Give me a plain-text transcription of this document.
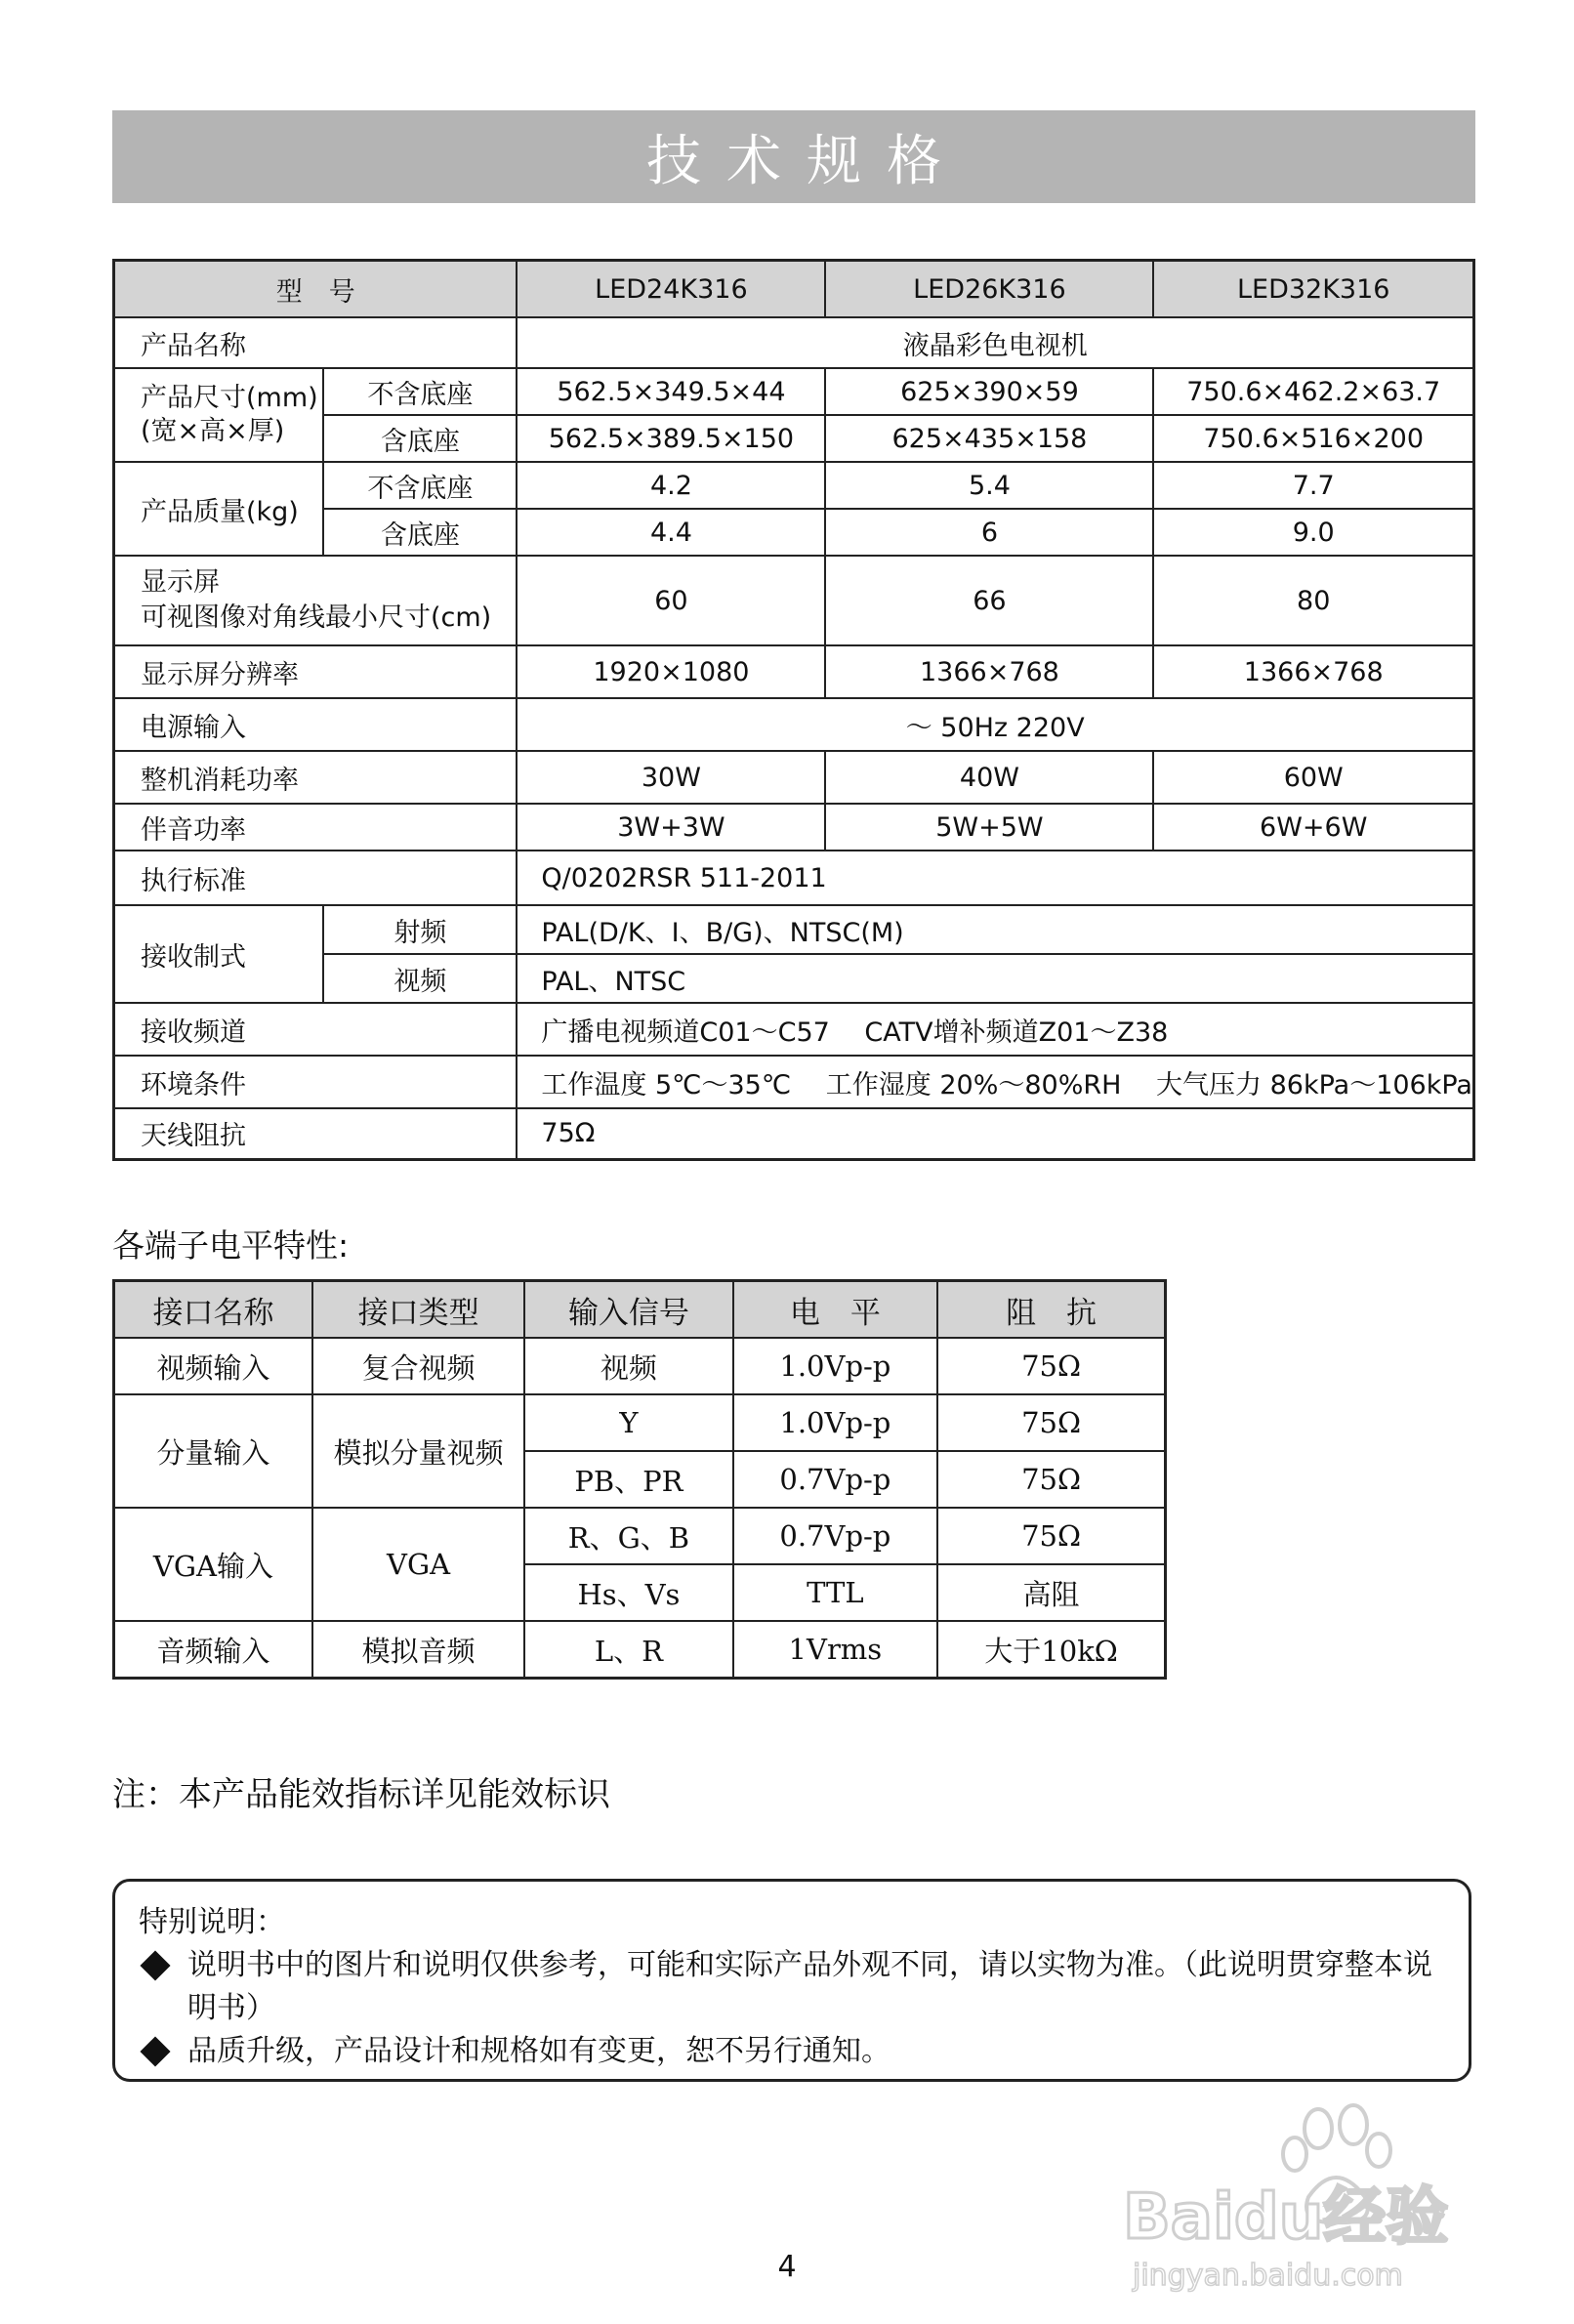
技术规格
型　号		LED24K316	LED26K316	LED32K316
产品名称		液晶彩色电视机		

产品尺寸(mm)
(宽×高×厚)	不含底座	562.5×349.5×44	625×390×59	750.6×462.2×63.7
	含底座	562.5×389.5×150	625×435×158	750.6×516×200
产品质量(kg)	不含底座	4.2	5.4	7.7
	含底座	4.4	6	9.0

显示屏
可视图像对角线最小尺寸(cm)		60	66	80
显示屏分辨率		1920×1080	1366×768	1366×768
电源输入		～ 50Hz 220V		
整机消耗功率		30W	40W	60W
伴音功率		3W+3W	5W+5W	6W+6W
执行标准		Q/0202RSR 511-2011		
接收制式	射频	PAL(D/K、I、B/G)、NTSC(M)		
	视频	PAL、NTSC		
接收频道		广播电视频道C01～C57　 CATV增补频道Z01～Z38		
环境条件		工作温度 5℃～35℃　 工作湿度 20%～80%RH　 大气压力 86kPa～106kPa		
天线阻抗		75Ω		
各端子电平特性:
接口名称	接口类型	输入信号	电　平	阻　抗
视频输入	复合视频	视频	1.0Vp-p	75Ω
分量输入	模拟分量视频	Y	1.0Vp-p	75Ω
		PB、PR	0.7Vp-p	75Ω
VGA输入	VGA	R、G、B	0.7Vp-p	75Ω
		Hs、Vs	TTL	高阻
音频输入	模拟音频	L、R	1Vrms	大于10kΩ
注：本产品能效指标详见能效标识
特别说明：
说明书中的图片和说明仅供参考，可能和实际产品外观不同，请以实物为准。（此说明贯穿整本说明书）
品质升级，产品设计和规格如有变更，恕不另行通知。
Baidu经验
jingyan.baidu.com
4
